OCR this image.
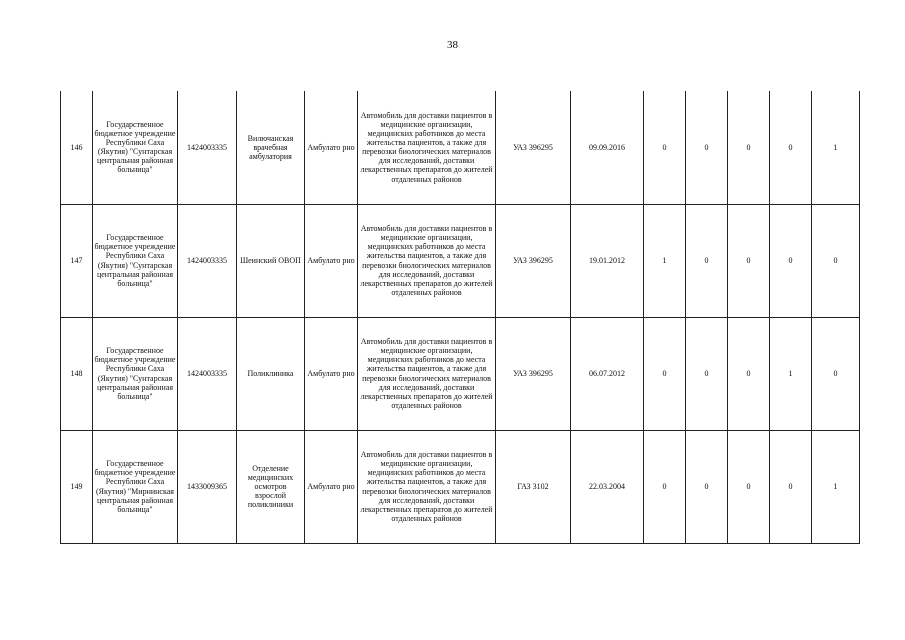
38
146	Государственное бюджетное учреждение Республики Саха (Якутия) "Сунтарская центральная районная больница"	1424003335	Вилючанская врачебная амбулатория	Амбулато рно	Автомобиль для доставки пациентов в медицинские организации, медицинских работников до места жительства пациентов, а также для перевозки биологических материалов для исследований, доставки лекарственных препаратов до жителей отдаленных районов	УАЗ 396295	09.09.2016	0	0	0	0	1
147	Государственное бюджетное учреждение Республики Саха (Якутия) "Сунтарская центральная районная больница"	1424003335	Шеинский ОВОП	Амбулато рно	Автомобиль для доставки пациентов в медицинские организации, медицинских работников до места жительства пациентов, а также для перевозки биологических материалов для исследований, доставки лекарственных препаратов до жителей отдаленных районов	УАЗ 396295	19.01.2012	1	0	0	0	0
148	Государственное бюджетное учреждение Республики Саха (Якутия) "Сунтарская центральная районная больница"	1424003335	Поликлиника	Амбулато рно	Автомобиль для доставки пациентов в медицинские организации, медицинских работников до места жительства пациентов, а также для перевозки биологических материалов для исследований, доставки лекарственных препаратов до жителей отдаленных районов	УАЗ 396295	06.07.2012	0	0	0	1	0
149	Государственное бюджетное учреждение Республики Саха (Якутия) "Мирнинская центральная районная больница"	1433009365	Отделение медицинских осмотров взрослой поликлиники	Амбулато рно	Автомобиль для доставки пациентов в медицинские организации, медицинских работников до места жительства пациентов, а также для перевозки биологических материалов для исследований, доставки лекарственных препаратов до жителей отдаленных районов	ГАЗ 3102	22.03.2004	0	0	0	0	1
